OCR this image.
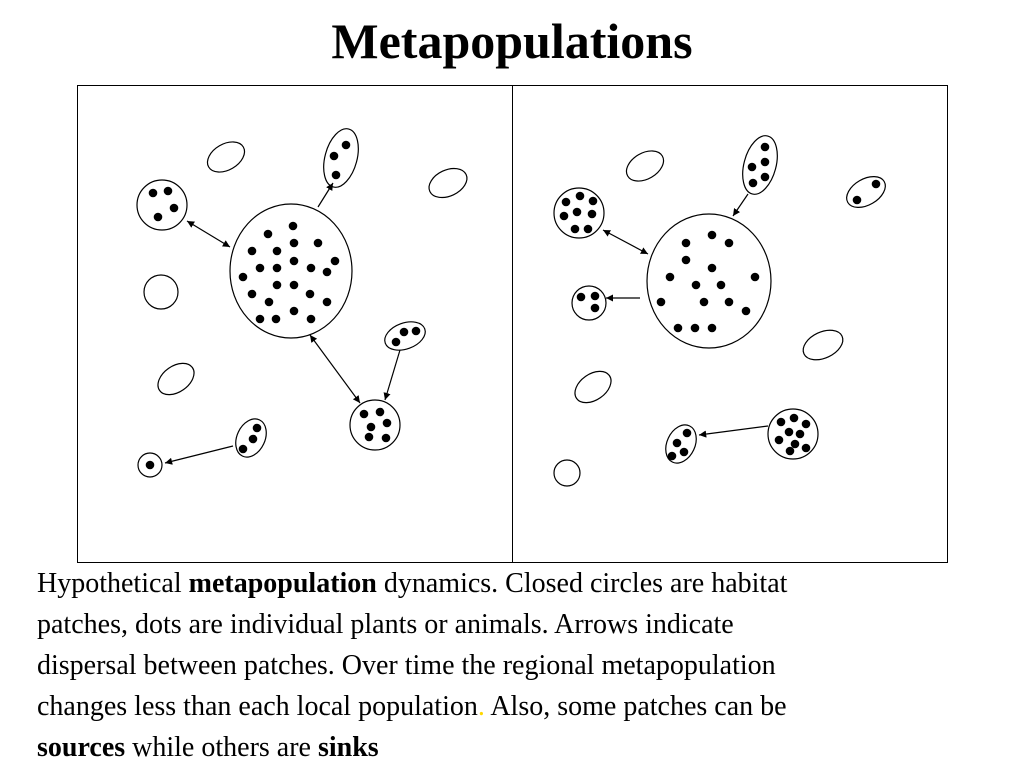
Metapopulations
Hypothetical metapopulation dynamics. Closed circles are habitat
patches, dots are individual plants or animals. Arrows indicate
dispersal between patches. Over time the regional metapopulation
changes less than each local population. Also, some patches can be
sources while others are sinks
